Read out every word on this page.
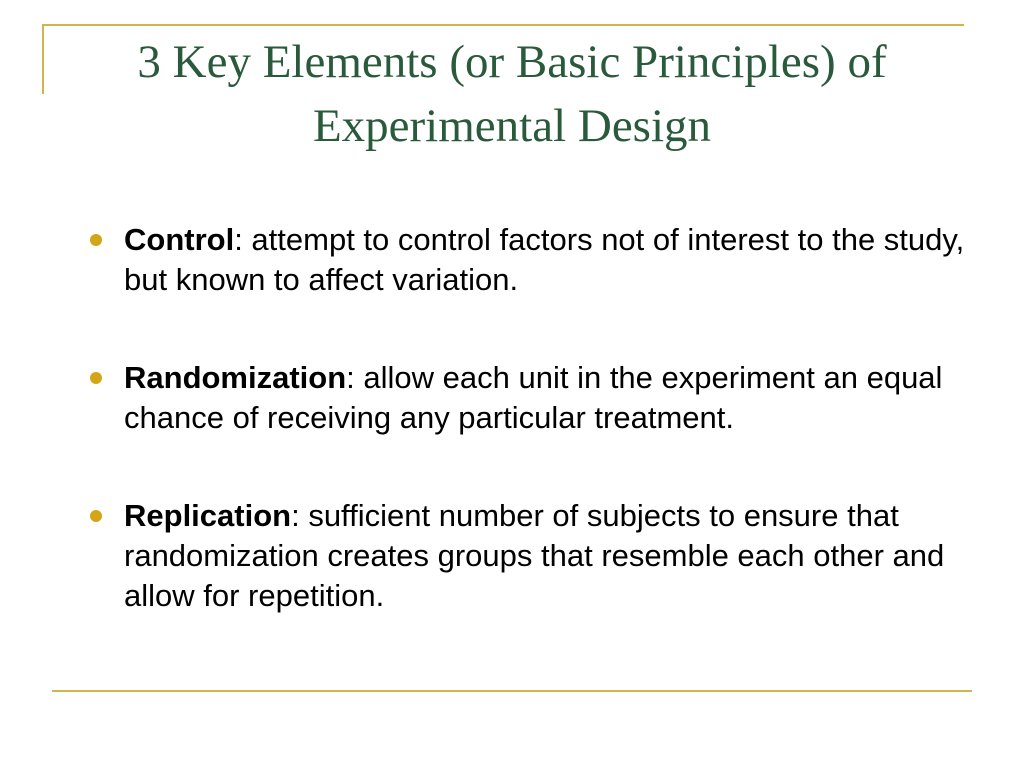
3 Key Elements (or Basic Principles) of Experimental Design
Control: attempt to control factors not of interest to the study, but known to affect variation.
Randomization: allow each unit in the experiment an equal chance of receiving any particular treatment.
Replication: sufficient number of subjects to ensure that randomization creates groups that resemble each other and allow for repetition.
